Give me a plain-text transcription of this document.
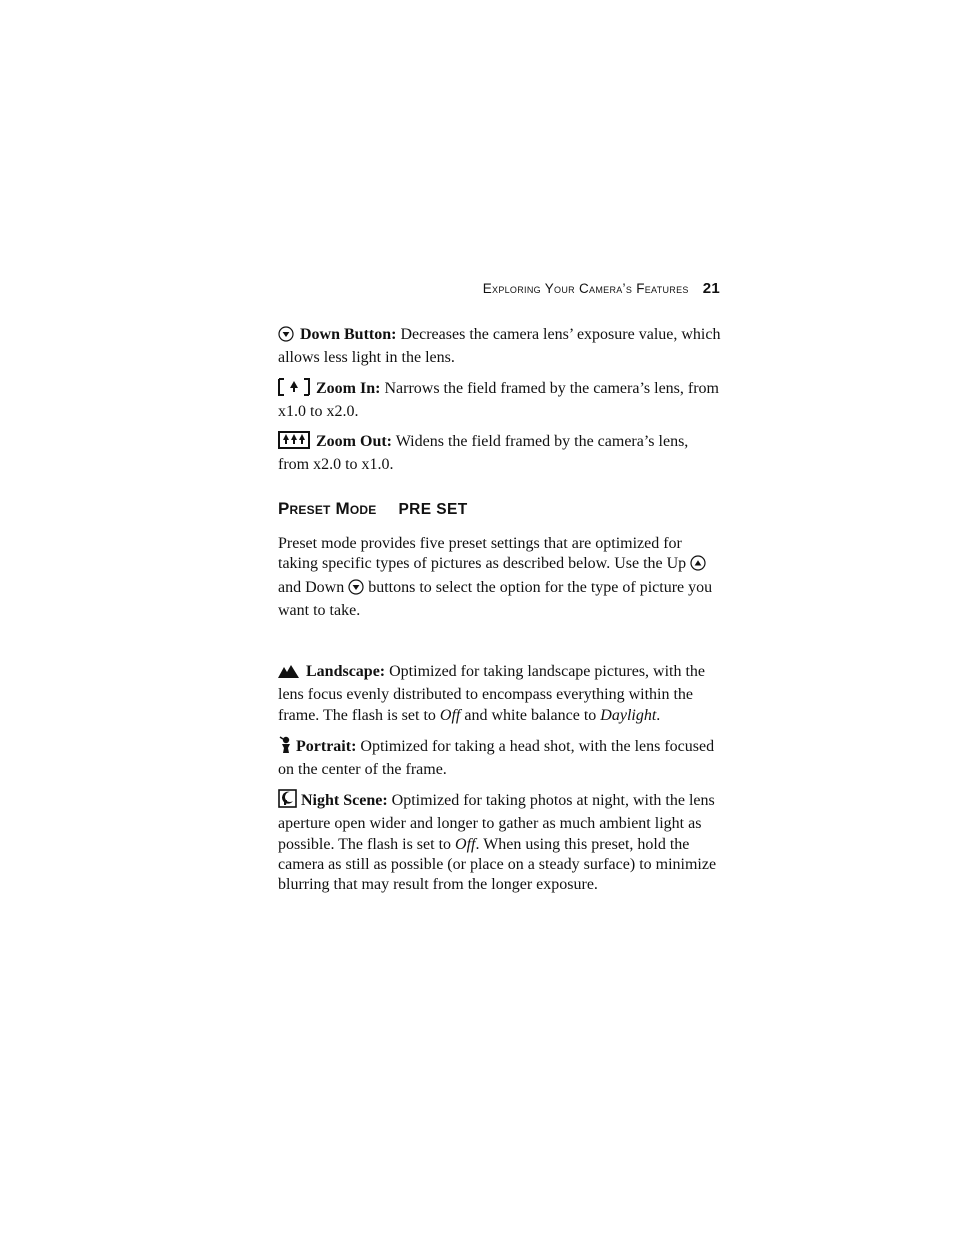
Exploring Your Camera’s Features 21

Down Button: Decreases the camera lens’ exposure value, which allows less light in the lens.

Zoom In: Narrows the field framed by the camera’s lens, from x1.0 to x2.0.

Zoom Out: Widens the field framed by the camera’s lens, from x2.0 to x1.0.

Preset Mode PRE SET

Preset mode provides five preset settings that are optimized for taking specific types of pictures as described below. Use the Up  and Down  buttons to select the option for the type of picture you want to take.

Landscape: Optimized for taking landscape pictures, with the lens focus evenly distributed to encompass everything within the frame. The flash is set to Off and white balance to Daylight.

Portrait: Optimized for taking a head shot, with the lens focused on the center of the frame.

Night Scene: Optimized for taking photos at night, with the lens aperture open wider and longer to gather as much ambient light as possible. The flash is set to Off. When using this preset, hold the camera as still as possible (or place on a steady surface) to minimize blurring that may result from the longer exposure.
